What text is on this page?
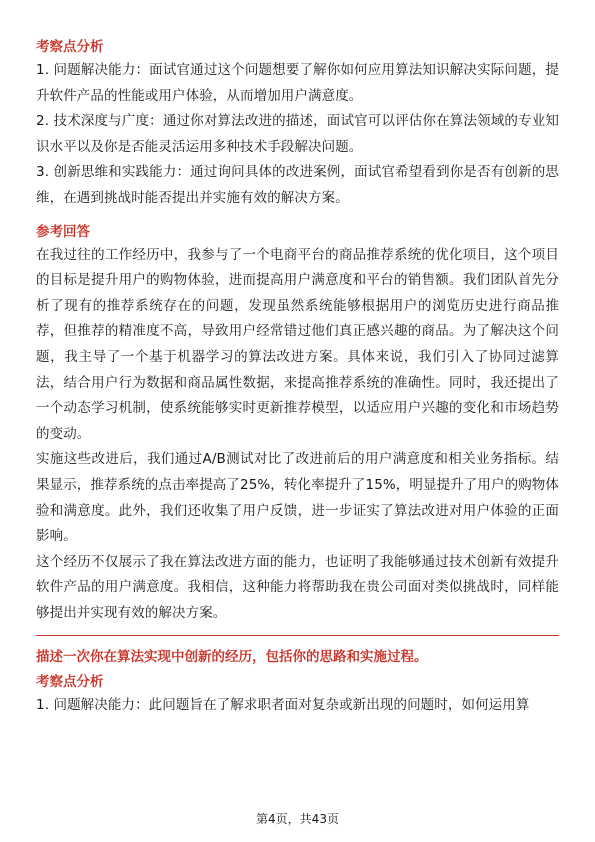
考察点分析

1. 问题解决能力：面试官通过这个问题想要了解你如何应用算法知识解决实际问题，提升软件产品的性能或用户体验，从而增加用户满意度。

2. 技术深度与广度：通过你对算法改进的描述，面试官可以评估你在算法领域的专业知识水平以及你是否能灵活运用多种技术手段解决问题。

3. 创新思维和实践能力：通过询问具体的改进案例，面试官希望看到你是否有创新的思维，在遇到挑战时能否提出并实施有效的解决方案。

参考回答

在我过往的工作经历中，我参与了一个电商平台的商品推荐系统的优化项目，这个项目的目标是提升用户的购物体验，进而提高用户满意度和平台的销售额。我们团队首先分析了现有的推荐系统存在的问题，发现虽然系统能够根据用户的浏览历史进行商品推荐，但推荐的精准度不高，导致用户经常错过他们真正感兴趣的商品。为了解决这个问题，我主导了一个基于机器学习的算法改进方案。具体来说，我们引入了协同过滤算法，结合用户行为数据和商品属性数据，来提高推荐系统的准确性。同时，我还提出了一个动态学习机制，使系统能够实时更新推荐模型，以适应用户兴趣的变化和市场趋势的变动。

实施这些改进后，我们通过A/B测试对比了改进前后的用户满意度和相关业务指标。结果显示，推荐系统的点击率提高了25%，转化率提升了15%，明显提升了用户的购物体验和满意度。此外，我们还收集了用户反馈，进一步证实了算法改进对用户体验的正面影响。

这个经历不仅展示了我在算法改进方面的能力，也证明了我能够通过技术创新有效提升软件产品的用户满意度。我相信，这种能力将帮助我在贵公司面对类似挑战时，同样能够提出并实现有效的解决方案。

描述一次你在算法实现中创新的经历，包括你的思路和实施过程。
考察点分析

1. 问题解决能力：此问题旨在了解求职者面对复杂或新出现的问题时，如何运用算

第4页，共43页
